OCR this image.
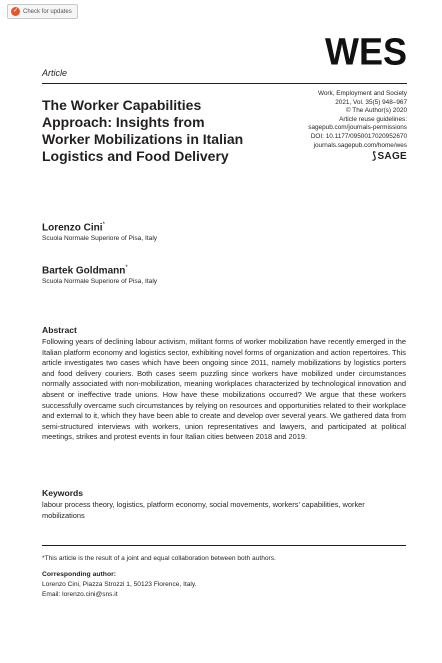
✓ Check for updates
WES
Article
Work, Employment and Society
2021, Vol. 35(5) 948–967
© The Author(s) 2020
Article reuse guidelines:
sagepub.com/journals-permissions
DOI: 10.1177/0950017020952670
journals.sagepub.com/home/wes
⟆ SAGE
The Worker Capabilities Approach: Insights from Worker Mobilizations in Italian Logistics and Food Delivery
Lorenzo Cini*
Scuola Normale Superiore of Pisa, Italy
Bartek Goldmann*
Scuola Normale Superiore of Pisa, Italy
Abstract
Following years of declining labour activism, militant forms of worker mobilization have recently emerged in the Italian platform economy and logistics sector, exhibiting novel forms of organization and action repertoires. This article investigates two cases which have been ongoing since 2011, namely mobilizations by logistics porters and food delivery couriers. Both cases seem puzzling since workers have mobilized under circumstances normally associated with non-mobilization, meaning workplaces characterized by technological innovation and absent or ineffective trade unions. How have these mobilizations occurred? We argue that these workers successfully overcame such circumstances by relying on resources and opportunities related to their workplace and external to it, which they have been able to create and develop over several years. We gathered data from semi-structured interviews with workers, union representatives and lawyers, and participated at political meetings, strikes and protest events in four Italian cities between 2018 and 2019.
Keywords
labour process theory, logistics, platform economy, social movements, workers’ capabilities, worker mobilizations
*This article is the result of a joint and equal collaboration between both authors.
Corresponding author:
Lorenzo Cini, Piazza Strozzi 1, 50123 Florence, Italy.
Email: lorenzo.cini@sns.it
